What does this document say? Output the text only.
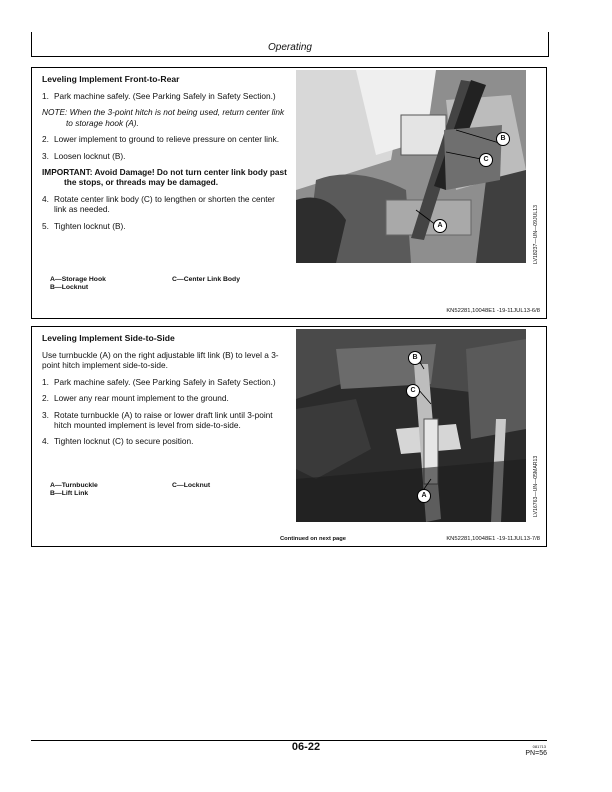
Operating
Leveling Implement Front-to-Rear
1. Park machine safely. (See Parking Safely in Safety Section.)
NOTE: When the 3-point hitch is not being used, return center link to storage hook (A).
2. Lower implement to ground to relieve pressure on center link.
3. Loosen locknut (B).
IMPORTANT: Avoid Damage! Do not turn center link body past the stops, or threads may be damaged.
4. Rotate center link body (C) to lengthen or shorten the center link as needed.
5. Tighten locknut (B).
A—Storage Hook
B—Locknut
C—Center Link Body
B
C
A	LV18237—UN—09JUL13
KN52281,10048E1 -19-11JUL13-6/8
Leveling Implement Side-to-Side
Use turnbuckle (A) on the right adjustable lift link (B) to level a 3-point hitch implement side-to-side.
1. Park machine safely. (See Parking Safely in Safety Section.)
2. Lower any rear mount implement to the ground.
3. Rotate turnbuckle (A) to raise or lower draft link until 3-point hitch mounted implement is level from side-to-side.
4. Tighten locknut (C) to secure position.
A—Turnbuckle
B—Lift Link
C—Locknut
B
C
A	LV16763—UN—05MAR13
Continued on next page	KN52281,10048E1 -19-11JUL13-7/8
06-22	081713
PN=56
